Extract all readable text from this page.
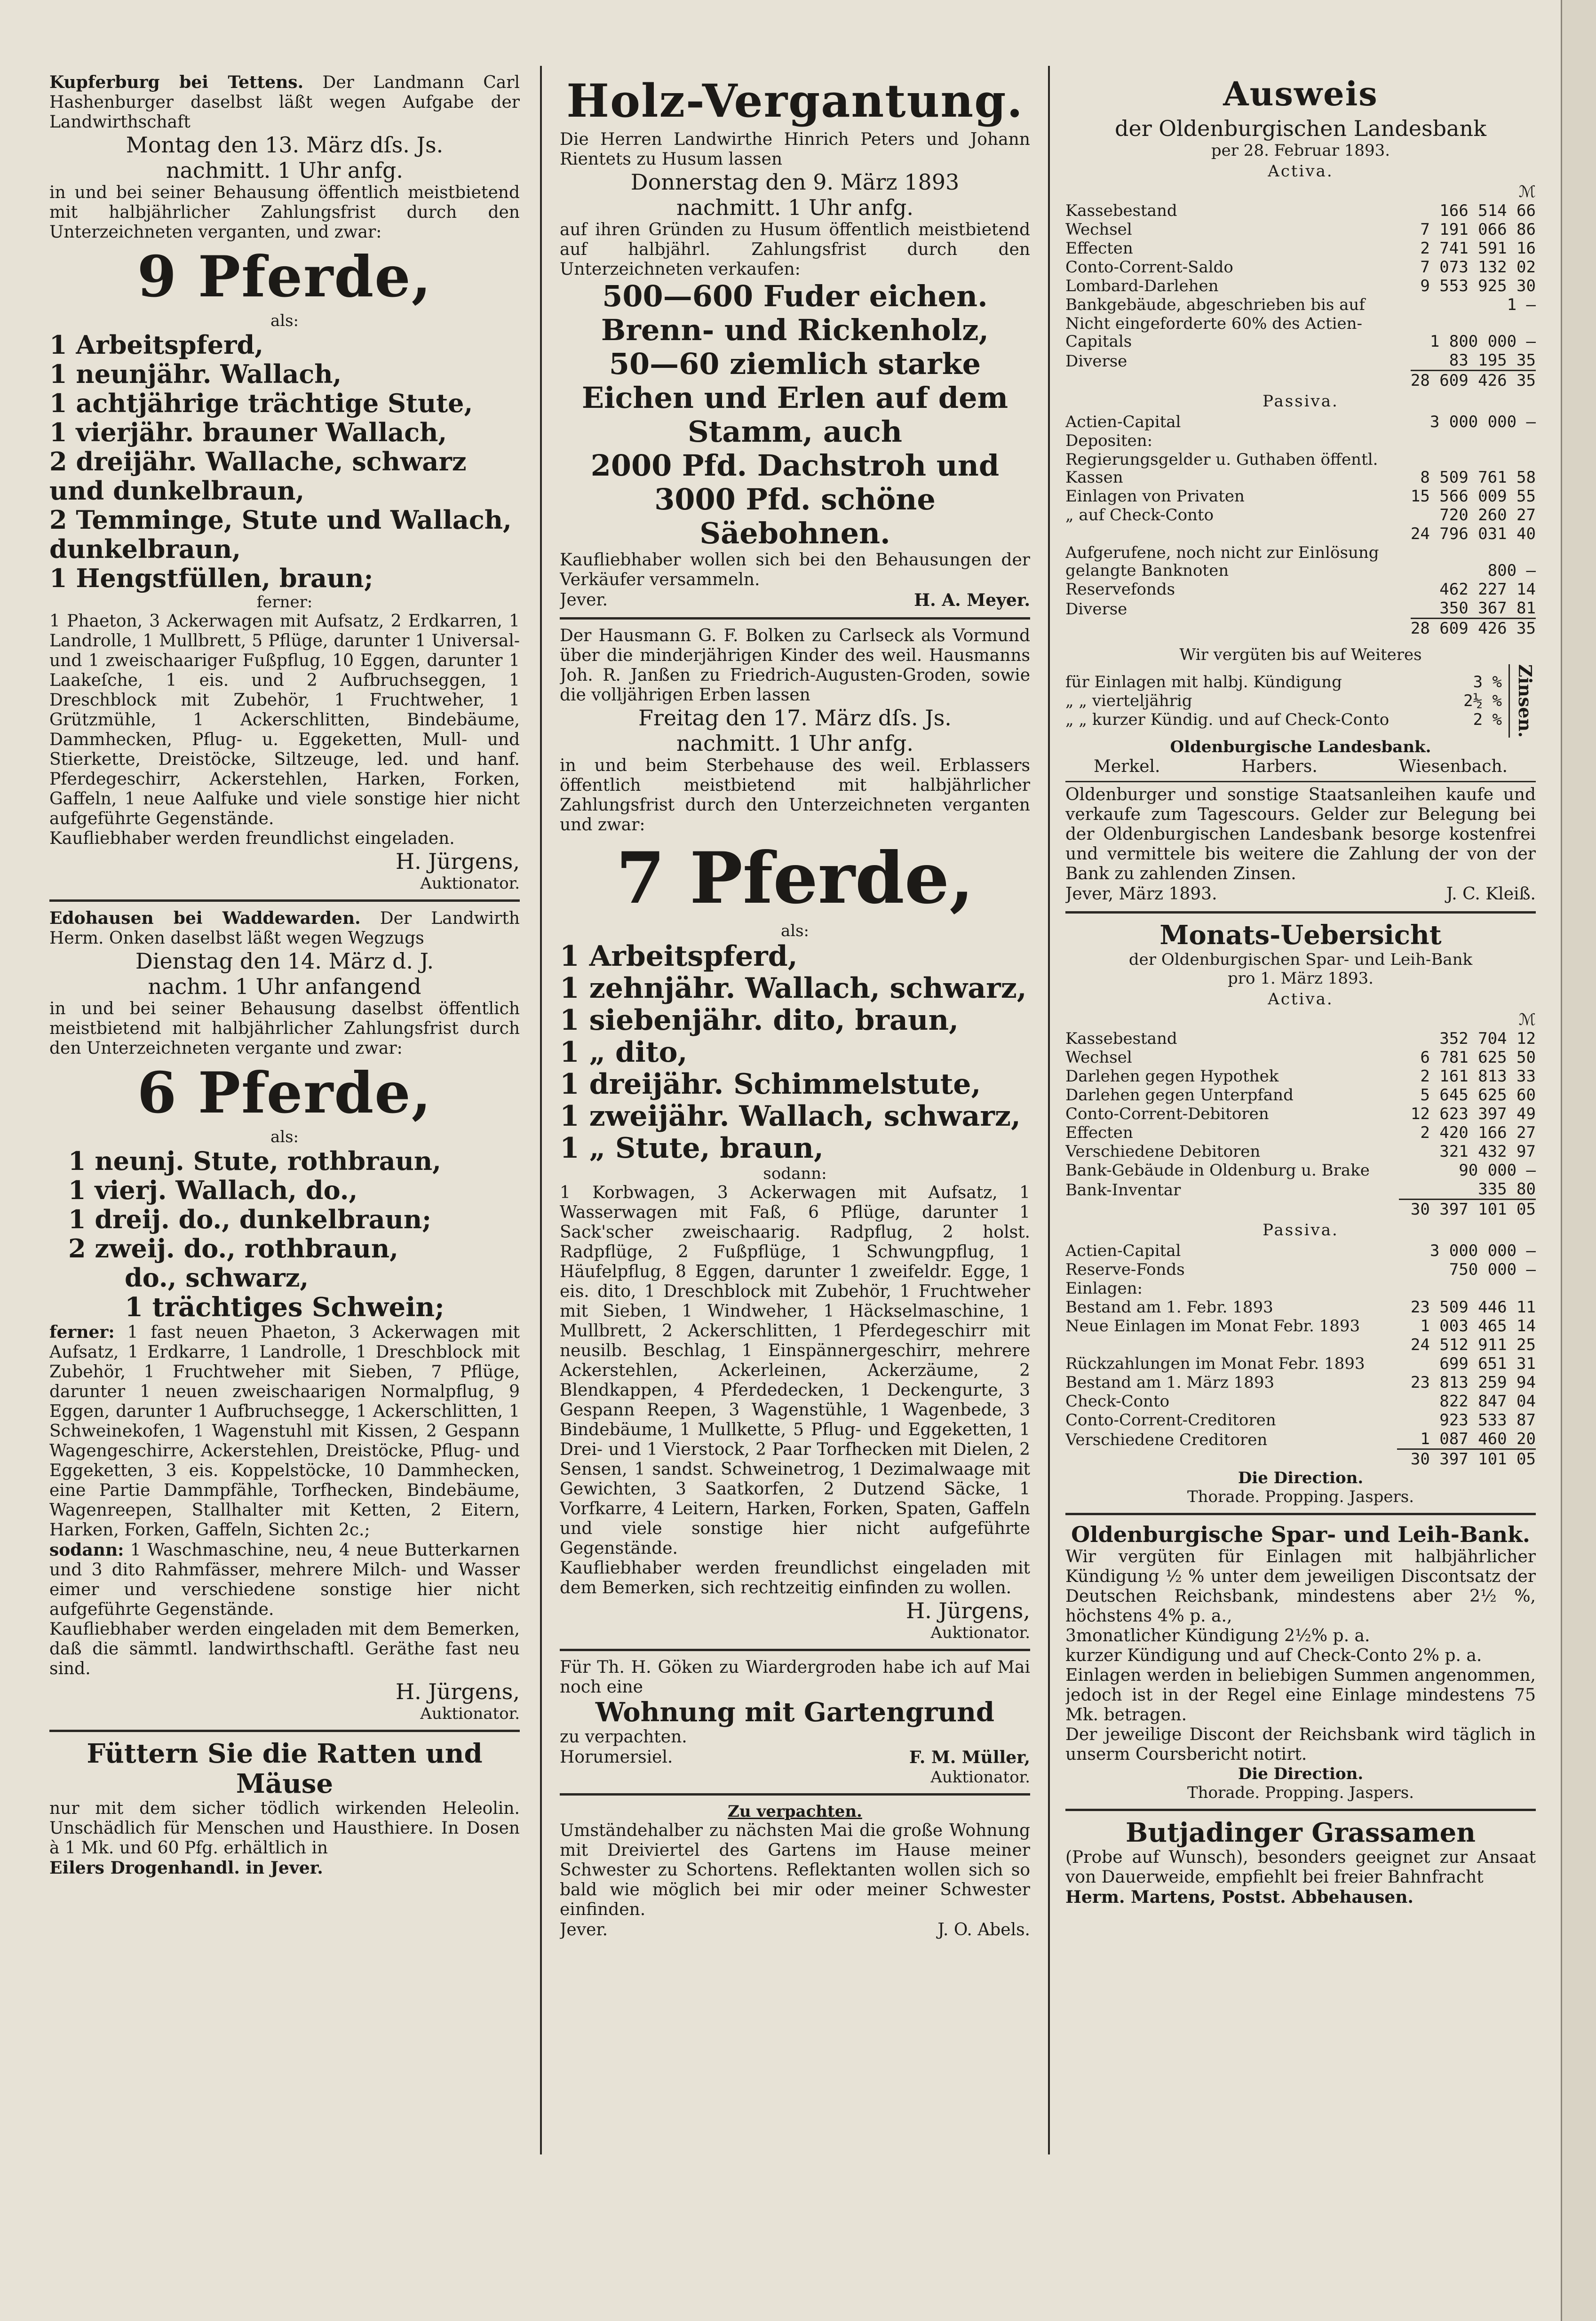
Kupferburg bei Tettens. Der Landmann Carl Hashenburger daselbst läßt wegen Aufgabe der Landwirthschaft

Montag den 13. März dſs. Js.

nachmitt. 1 Uhr anfg.

in und bei seiner Behausung öffentlich meistbietend mit halbjährlicher Zahlungsfrist durch den Unterzeichneten verganten, und zwar:

9 Pferde,

als:

1 Arbeitspferd,

1 neunjähr. Wallach,

1 achtjährige trächtige Stute,

1 vierjähr. brauner Wallach,

2 dreijähr. Wallache, schwarz und dunkelbraun,

2 Temminge, Stute und Wallach, dunkelbraun,

1 Hengstfüllen, braun;

ferner:

1 Phaeton, 3 Ackerwagen mit Aufsatz, 2 Erdkarren, 1 Landrolle, 1 Mullbrett, 5 Pflüge, darunter 1 Universal- und 1 zweischaariger Fußpflug, 10 Eggen, darunter 1 Laakeſche, 1 eis. und 2 Aufbruchseggen, 1 Dreschblock mit Zubehör, 1 Fruchtweher, 1 Grützmühle, 1 Ackerschlitten, Bindebäume, Dammhecken, Pflug- u. Eggeketten, Mull- und Stierkette, Dreistöcke, Siltzeuge, led. und hanf. Pferdegeschirr, Ackerstehlen, Harken, Forken, Gaffeln, 1 neue Aalfuke und viele sonstige hier nicht aufgeführte Gegenstände.

Kaufliebhaber werden freundlichst eingeladen.

H. Jürgens,

Auktionator.

Edohausen bei Waddewarden. Der Landwirth Herm. Onken daselbst läßt wegen Wegzugs

Dienstag den 14. März d. J.

nachm. 1 Uhr anfangend

in und bei seiner Behausung daselbst öffentlich meistbietend mit halbjährlicher Zahlungsfrist durch den Unterzeichneten vergante und zwar:

6 Pferde,

als:

1 neunj. Stute, rothbraun,

1 vierj. Wallach, do.,

1 dreij. do., dunkelbraun;

2 zweij. do., rothbraun,

do., schwarz,

1 trächtiges Schwein;

ferner: 1 fast neuen Phaeton, 3 Ackerwagen mit Aufsatz, 1 Erdkarre, 1 Landrolle, 1 Dreschblock mit Zubehör, 1 Fruchtweher mit Sieben, 7 Pflüge, darunter 1 neuen zweischaarigen Normalpflug, 9 Eggen, darunter 1 Aufbruchsegge, 1 Ackerschlitten, 1 Schweinekofen, 1 Wagenstuhl mit Kissen, 2 Gespann Wagengeschirre, Ackerstehlen, Dreistöcke, Pflug- und Eggeketten, 3 eis. Koppelstöcke, 10 Dammhecken, eine Partie Dammpfähle, Torfhecken, Bindebäume, Wagenreepen, Stallhalter mit Ketten, 2 Eitern, Harken, Forken, Gaffeln, Sichten 2c.;

sodann: 1 Waschmaschine, neu, 4 neue Butterkarnen und 3 dito Rahmfässer, mehrere Milch- und Wasser eimer und verschiedene sonstige hier nicht aufgeführte Gegenstände.

Kaufliebhaber werden eingeladen mit dem Bemerken, daß die sämmtl. landwirthschaftl. Geräthe fast neu sind.

H. Jürgens,

Auktionator.

Füttern Sie die Ratten und Mäuse

nur mit dem sicher tödlich wirkenden Heleolin. Unschädlich für Menschen und Hausthiere. In Dosen à 1 Mk. und 60 Pfg. erhältlich in

Eilers Drogenhandl. in Jever.

Holz-Vergantung.

Die Herren Landwirthe Hinrich Peters und Johann Rientets zu Husum lassen

Donnerstag den 9. März 1893

nachmitt. 1 Uhr anfg.

auf ihren Gründen zu Husum öffentlich meistbietend auf halbjährl. Zahlungsfrist durch den Unterzeichneten verkaufen:

500—600 Fuder eichen.

Brenn- und Rickenholz,

50—60 ziemlich starke

Eichen und Erlen auf dem

Stamm, auch

2000 Pfd. Dachstroh und

3000 Pfd. schöne Säebohnen.

Kaufliebhaber wollen sich bei den Behausungen der Verkäufer versammeln.

Jever.	H. A. Meyer.

Der Hausmann G. F. Bolken zu Carlseck als Vormund über die minderjährigen Kinder des weil. Hausmanns Joh. R. Janßen zu Friedrich-Augusten-Groden, sowie die volljährigen Erben lassen

Freitag den 17. März dſs. Js.

nachmitt. 1 Uhr anfg.

in und beim Sterbehause des weil. Erblassers öffentlich meistbietend mit halbjährlicher Zahlungsfrist durch den Unterzeichneten verganten und zwar:

7 Pferde,

als:

1 Arbeitspferd,

1 zehnjähr. Wallach, schwarz,

1 siebenjähr. dito, braun,

1 „ dito,

1 dreijähr. Schimmelstute,

1 zweijähr. Wallach, schwarz,

1 „ Stute, braun,

sodann:

1 Korbwagen, 3 Ackerwagen mit Aufsatz, 1 Wasserwagen mit Faß, 6 Pflüge, darunter 1 Sack'scher zweischaarig. Radpflug, 2 holst. Radpflüge, 2 Fußpflüge, 1 Schwungpflug, 1 Häufelpflug, 8 Eggen, darunter 1 zweifeldr. Egge, 1 eis. dito, 1 Dreschblock mit Zubehör, 1 Fruchtweher mit Sieben, 1 Windweher, 1 Häckselmaschine, 1 Mullbrett, 2 Ackerschlitten, 1 Pferdegeschirr mit neusilb. Beschlag, 1 Einspännergeschirr, mehrere Ackerstehlen, Ackerleinen, Ackerzäume, 2 Blendkappen, 4 Pferdedecken, 1 Deckengurte, 3 Gespann Reepen, 3 Wagenstühle, 1 Wagenbede, 3 Bindebäume, 1 Mullkette, 5 Pflug- und Eggeketten, 1 Drei- und 1 Vierstock, 2 Paar Torfhecken mit Dielen, 2 Sensen, 1 sandst. Schweinetrog, 1 Dezimalwaage mit Gewichten, 3 Saatkorfen, 2 Dutzend Säcke, 1 Vorfkarre, 4 Leitern, Harken, Forken, Spaten, Gaffeln und viele sonstige hier nicht aufgeführte Gegenstände.

Kaufliebhaber werden freundlichst eingeladen mit dem Bemerken, sich rechtzeitig einfinden zu wollen.

H. Jürgens,

Auktionator.

Für Th. H. Göken zu Wiardergroden habe ich auf Mai noch eine

Wohnung mit Gartengrund

zu verpachten.

Horumersiel.	F. M. Müller,

Auktionator.

Zu verpachten.

Umständehalber zu nächsten Mai die große Wohnung mit Dreiviertel des Gartens im Hause meiner Schwester zu Schortens. Reflektanten wollen sich so bald wie möglich bei mir oder meiner Schwester einfinden.

Jever.	J. O. Abels.

Ausweis

der Oldenburgischen Landesbank

per 28. Februar 1893.

Activa.

	ℳ
Kassebestand	166 514 66
Wechsel	7 191 066 86
Effecten	2 741 591 16
Conto-Corrent-Saldo	7 073 132 02
Lombard-Darlehen	9 553 925 30
Bankgebäude, abgeschrieben bis auf	1 —
Nicht eingeforderte 60% des Actien-Capitals	1 800 000 —
Diverse	83 195 35
	28 609 426 35

Passiva.

Actien-Capital	3 000 000 —
Depositen:	
Regierungsgelder u. Guthaben öffentl. Kassen	8 509 761 58
Einlagen von Privaten	15 566 009 55
„ auf Check-Conto	720 260 27
	24 796 031 40
Aufgerufene, noch nicht zur Einlösung gelangte Banknoten	800 —
Reservefonds	462 227 14
Diverse	350 367 81
	28 609 426 35

Wir vergüten bis auf Weiteres

für Einlagen mit halbj. Kündigung	3 %
„ „ vierteljährig	2½ %
„ „ kurzer Kündig. und auf Check-Conto	2 % Zinsen.

Oldenburgische Landesbank.

Merkel.	Harbers.	Wiesenbach.

Oldenburger und sonstige Staatsanleihen kaufe und verkaufe zum Tagescours. Gelder zur Belegung bei der Oldenburgischen Landesbank besorge kostenfrei und vermittele bis weitere die Zahlung der von der Bank zu zahlenden Zinsen.

Jever, März 1893.	J. C. Kleiß.

Monats-Uebersicht

der Oldenburgischen Spar- und Leih-Bank

pro 1. März 1893.

Activa.

	ℳ
Kassebestand	352 704 12
Wechsel	6 781 625 50
Darlehen gegen Hypothek	2 161 813 33
Darlehen gegen Unterpfand	5 645 625 60
Conto-Corrent-Debitoren	12 623 397 49
Effecten	2 420 166 27
Verschiedene Debitoren	321 432 97
Bank-Gebäude in Oldenburg u. Brake	90 000 —
Bank-Inventar	335 80
	30 397 101 05

Passiva.

Actien-Capital	3 000 000 —
Reserve-Fonds	750 000 —
Einlagen:	
Bestand am 1. Febr. 1893	23 509 446 11
Neue Einlagen im Monat Febr. 1893	1 003 465 14
	24 512 911 25
Rückzahlungen im Monat Febr. 1893	699 651 31
Bestand am 1. März 1893	23 813 259 94
Check-Conto	822 847 04
Conto-Corrent-Creditoren	923 533 87
Verschiedene Creditoren	1 087 460 20
	30 397 101 05

Die Direction.

Thorade. Propping. Jaspers.

Oldenburgische Spar- und Leih-Bank.

Wir vergüten für Einlagen mit halbjährlicher Kündigung ½ % unter dem jeweiligen Discontsatz der Deutschen Reichsbank, mindestens aber 2½ %, höchstens 4% p. a.,

3monatlicher Kündigung 2½% p. a.

kurzer Kündigung und auf Check-Conto 2% p. a.

Einlagen werden in beliebigen Summen angenommen, jedoch ist in der Regel eine Einlage mindestens 75 Mk. betragen.

Der jeweilige Discont der Reichsbank wird täglich in unserm Coursbericht notirt.

Die Direction.

Thorade. Propping. Jaspers.

Butjadinger Grassamen

(Probe auf Wunsch), besonders geeignet zur Ansaat von Dauerweide, empfiehlt bei freier Bahnfracht

Herm. Martens, Postst. Abbehausen.
